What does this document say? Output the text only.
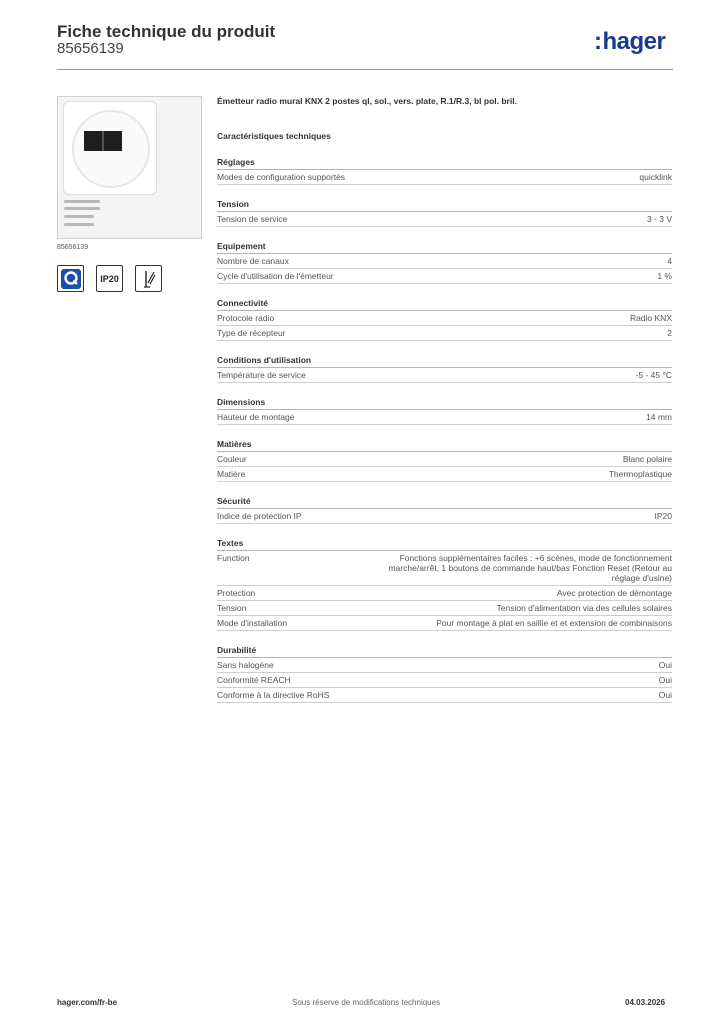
Fiche technique du produit
85656139	:hager
85656139
IP20
Émetteur radio mural KNX 2 postes ql, sol., vers. plate, R.1/R.3, bl pol. bril.
Caractéristiques techniques
Réglages
Modes de configuration supportés	quicklink
Tension
Tension de service	3 - 3 V
Equipement
Nombre de canaux	4
Cycle d'utilisation de l'émetteur	1 %
Connectivité
Protocole radio	Radio KNX
Type de récepteur	2
Conditions d'utilisation
Température de service	-5 - 45 °C
Dimensions
Hauteur de montage	14 mm
Matières
Couleur	Blanc polaire
Matière	Thermoplastique
Sécurité
Indice de protection IP	IP20
Textes
Function	Fonctions supplémentaires faciles : +6 scènes, mode de fonctionnement marche/arrêt, 1 boutons de commande haut/bas Fonction Reset (Retour au réglage d'usine)
Protection	Avec protection de démontage
Tension	Tension d'alimentation via des cellules solaires
Mode d'installation	Pour montage à plat en saillie et et extension de combinaisons
Durabilité
Sans halogène	Oui
Conformité REACH	Oui
Conforme à la directive RoHS	Oui
hager.com/fr-be	Sous réserve de modifications techniques	04.03.2026
